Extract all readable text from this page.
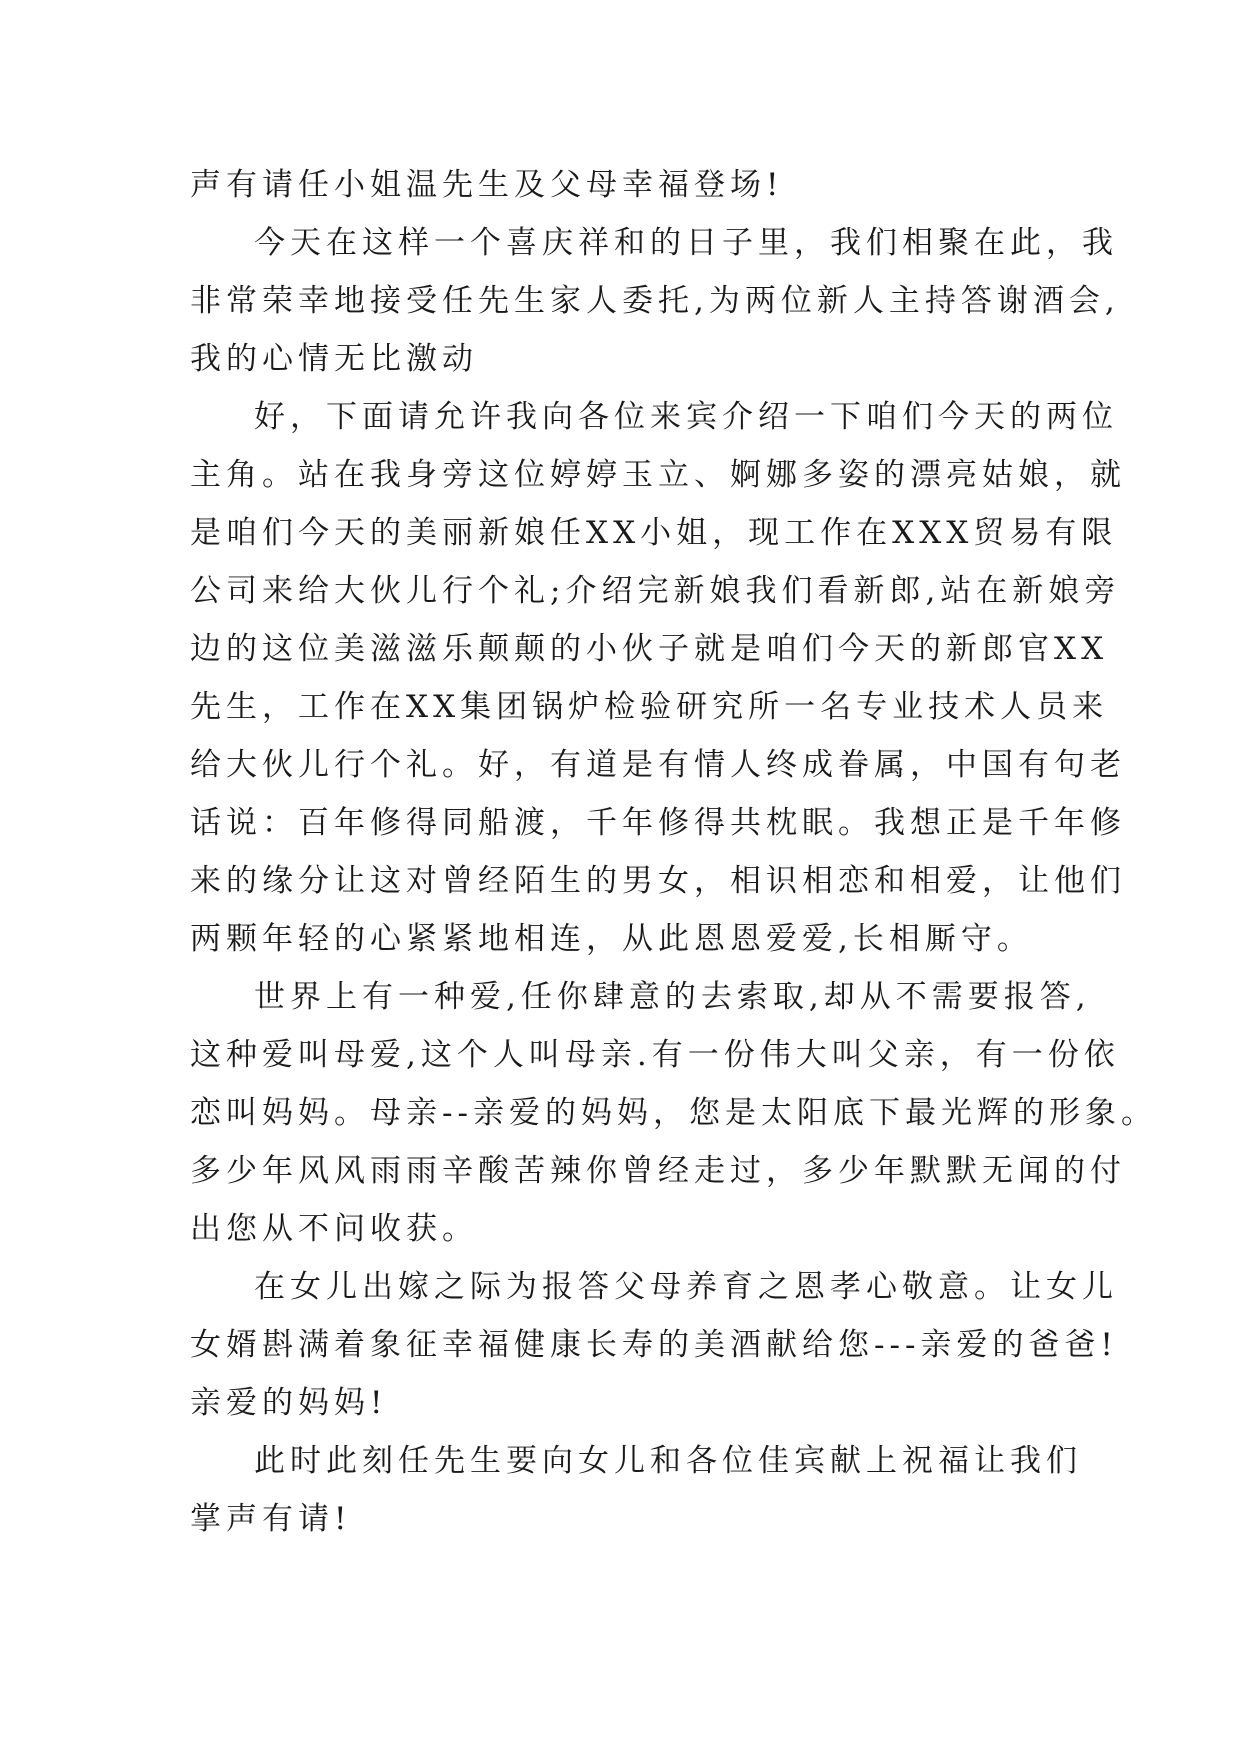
声有请任小姐温先生及父母幸福登场!
今天在这样一个喜庆祥和的日子里，我们相聚在此，我
非常荣幸地接受任先生家人委托,为两位新人主持答谢酒会,
我的心情无比激动
好，下面请允许我向各位来宾介绍一下咱们今天的两位
主角。站在我身旁这位婷婷玉立、婀娜多姿的漂亮姑娘，就
是咱们今天的美丽新娘任XX小姐，现工作在XXX贸易有限
公司来给大伙儿行个礼;介绍完新娘我们看新郎,站在新娘旁
边的这位美滋滋乐颠颠的小伙子就是咱们今天的新郎官XX
先生，工作在XX集团锅炉检验研究所一名专业技术人员来
给大伙儿行个礼。好，有道是有情人终成眷属，中国有句老
话说：百年修得同船渡，千年修得共枕眠。我想正是千年修
来的缘分让这对曾经陌生的男女，相识相恋和相爱，让他们
两颗年轻的心紧紧地相连，从此恩恩爱爱,长相厮守。
世界上有一种爱,任你肆意的去索取,却从不需要报答,
这种爱叫母爱,这个人叫母亲.有一份伟大叫父亲，有一份依
恋叫妈妈。母亲--亲爱的妈妈，您是太阳底下最光辉的形象。
多少年风风雨雨辛酸苦辣你曾经走过，多少年默默无闻的付
出您从不问收获。
在女儿出嫁之际为报答父母养育之恩孝心敬意。让女儿
女婿斟满着象征幸福健康长寿的美酒献给您---亲爱的爸爸!
亲爱的妈妈!
此时此刻任先生要向女儿和各位佳宾献上祝福让我们
掌声有请!
